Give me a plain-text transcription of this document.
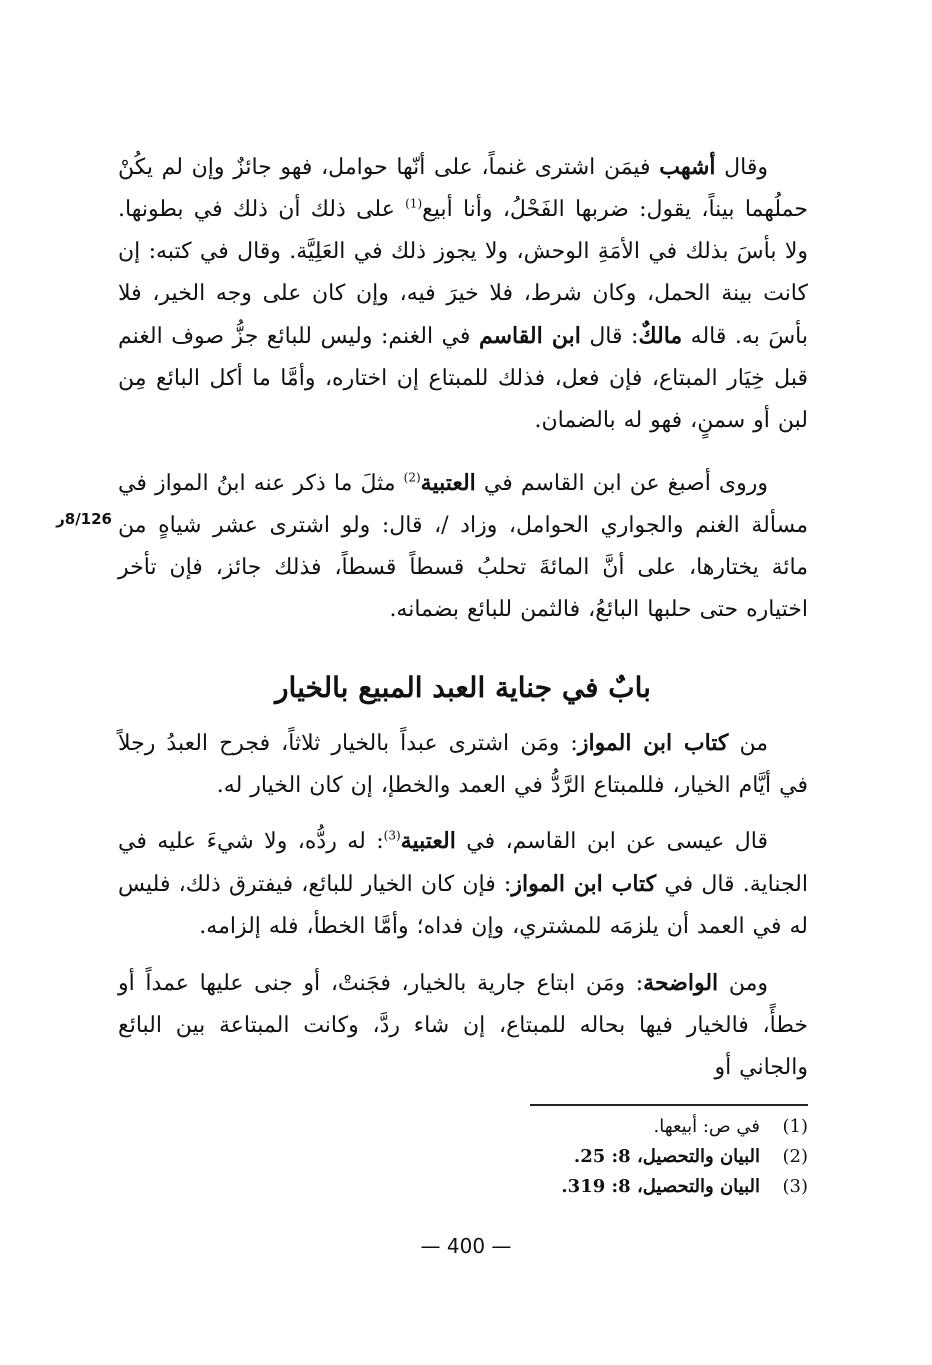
وقال أشهب فيمَن اشترى غنماً، على أنّها حوامل، فهو جائزٌ وإن لم يكُنْ حملُهما بيناً، يقول: ضربها الفَحْلُ، وأنا أبيع$^{(1)}$ على ذلك أن ذلك في بطونها. ولا بأسَ بذلك في الأمَةِ الوحش، ولا يجوز ذلك في العَلِيَّة. وقال في كتبه: إن كانت بينة الحمل، وكان شرط، فلا خيرَ فيه، وإن كان على وجه الخير، فلا بأسَ به. قاله مالكٌ: قال ابن القاسم في الغنم: وليس للبائع جزُّ صوف الغنم قبل خِيَار المبتاع، فإن فعل، فذلك للمبتاع إن اختاره، وأمَّا ما أكل البائع مِن لبن أو سمنٍ، فهو له بالضمان.

وروى أصبغ عن ابن القاسم في العتبية$^{(2)}$ مثلَ ما ذكر عنه ابنُ المواز في مسألة الغنم والجواري الحوامل، وزاد /، قال: ولو اشترى عشر شياهٍ من مائة يختارها، على أنَّ المائةَ تحلبُ قسطاً قسطاً، فذلك جائز، فإن تأخر اختياره حتى حلبها البائعُ، فالثمن للبائع بضمانه.

8/126ر
بابٌ في جناية العبد المبيع بالخيار

من كتاب ابن المواز: ومَن اشترى عبداً بالخيار ثلاثاً، فجرح العبدُ رجلاً في أيَّام الخيار، فللمبتاع الرَّدُّ في العمد والخطإ، إن كان الخيار له.

قال عيسى عن ابن القاسم، في العتبية$^{(3)}$: له ردُّه، ولا شيءَ عليه في الجناية. قال في كتاب ابن المواز: فإن كان الخيار للبائع، فيفترق ذلك، فليس له في العمد أن يلزمَه للمشتري، وإن فداه؛ وأمَّا الخطأ، فله إلزامه.

ومن الواضحة: ومَن ابتاع جارية بالخيار، فجَنتْ، أو جنى عليها عمداً أو خطأً، فالخيار فيها بحاله للمبتاع، إن شاء ردَّ، وكانت المبتاعة بين البائع والجاني أو

(1)في ص: أبيعها.
(2)البيان والتحصيل، 8: 25.
(3)البيان والتحصيل، 8: 319.
— 400 —
